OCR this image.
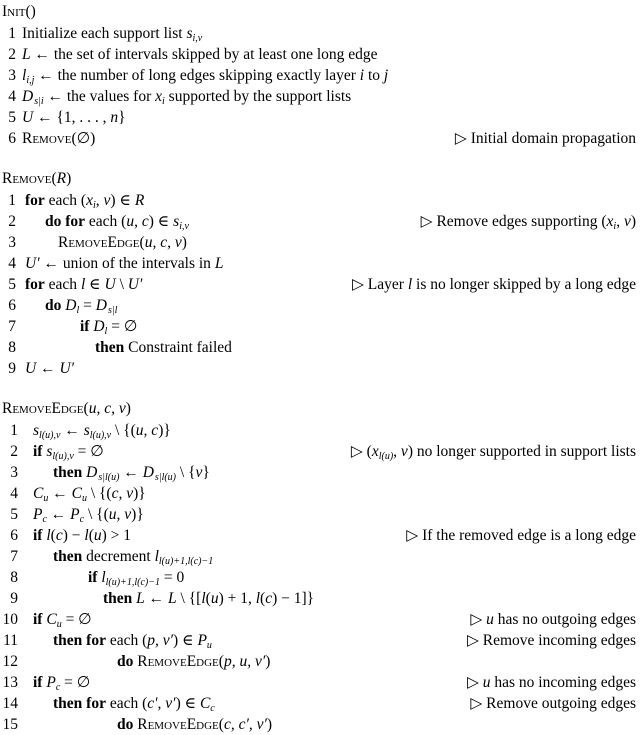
Init()
1 Initialize each support list $s_{i,v}$
2 L ← the set of intervals skipped by at least one long edge
3 $l_{i,j}$ ← the number of long edges skipping exactly layer i to j
4 Ds|i ← the values for $x_i$ supported by the support lists
5 U ← {1, . . . , n}
6 Remove(∅)	▷ Initial domain propagation
Remove(R)
1 for each ($x_i$, v) ∈ R
2 do for each (u, c) ∈ $s_{i,v}$	▷ Remove edges supporting ($x_i$, v)
3	RemoveEdge(u, c, v)
4 U′ ← union of the intervals in L
5 for each l ∈ U \ U′	▷ Layer l is no longer skipped by a long edge
6 do $D_l = Ds|l$
7	if $D_l$ = ∅
8	then Constraint failed
9 U ← U′
RemoveEdge(u, c, v)
1 $s_{l(u),v}$ ← $s_{l(u),v}$ \ {(u, c)}
2 if $s_{l(u),v}$ = ∅	▷ ($x_{l(u)}$, v) no longer supported in support lists
3 then Ds|l(u) ← Ds|l(u) \ {v}
4 $C_u$ ← $C_u$ \ {(c, v)}
5 $P_c$ ← $P_c$ \ {(u, v)}
6 if l(c) − l(u) > 1	▷ If the removed edge is a long edge
7 then decrement $l_{l(u)+1,l(c)-1}$
8	if $l_{l(u)+1,l(c)-1} = 0$
9	then L ← L \ {[l(u) + 1, l(c) − 1]}
10 if $C_u$ = ∅	▷ u has no outgoing edges
11 then for each (p, v′) ∈ $P_u$	▷ Remove incoming edges
12	do RemoveEdge(p, u, v′)
13 if $P_c$ = ∅	▷ u has no incoming edges
14 then for each (c′, v′) ∈ $C_c$	▷ Remove outgoing edges
15	do RemoveEdge(c, c′, v′)
